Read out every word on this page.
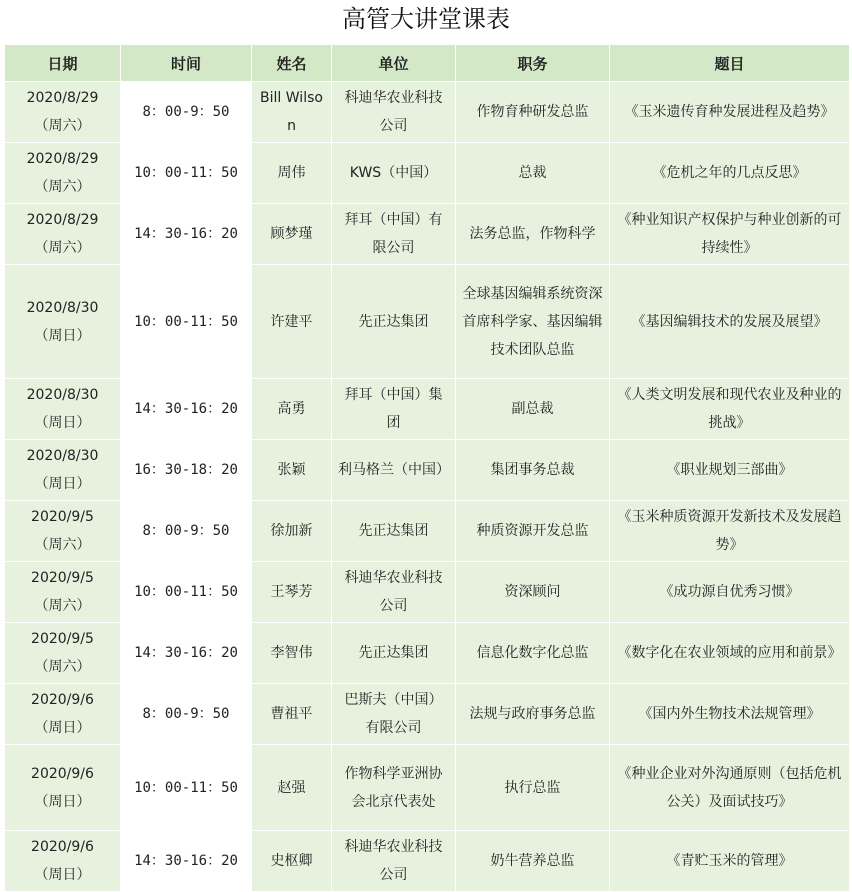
高管大讲堂课表
日期	时间	姓名	单位	职务	题目

2020/8/29
（周六）	8：00-9：50	Bill Wilson	科迪华农业科技公司	作物育种研发总监	《玉米遗传育种发展进程及趋势》

2020/8/29
（周六）	10：00-11：50	周伟	KWS（中国）	总裁	《危机之年的几点反思》

2020/8/29
（周六）	14：30-16：20	顾梦瑾	拜耳（中国）有限公司	法务总监，作物科学	《种业知识产权保护与种业创新的可持续性》

2020/8/30
（周日）	10：00-11：50	许建平	先正达集团	全球基因编辑系统资深首席科学家、基因编辑技术团队总监	《基因编辑技术的发展及展望》

2020/8/30
（周日）	14：30-16：20	高勇	拜耳（中国）集团	副总裁	《人类文明发展和现代农业及种业的挑战》

2020/8/30
（周日）	16：30-18：20	张颖	利马格兰（中国）	集团事务总裁	《职业规划三部曲》

2020/9/5
（周六）	8：00-9：50	徐加新	先正达集团	种质资源开发总监	《玉米种质资源开发新技术及发展趋势》

2020/9/5
（周六）	10：00-11：50	王琴芳	科迪华农业科技公司	资深顾问	《成功源自优秀习惯》

2020/9/5
（周六）	14：30-16：20	李智伟	先正达集团	信息化数字化总监	《数字化在农业领域的应用和前景》

2020/9/6
（周日）	8：00-9：50	曹祖平	巴斯夫（中国）有限公司	法规与政府事务总监	《国内外生物技术法规管理》

2020/9/6
（周日）	10：00-11：50	赵强	作物科学亚洲协会北京代表处	执行总监	《种业企业对外沟通原则（包括危机公关）及面试技巧》

2020/9/6
（周日）	14：30-16：20	史枢卿	科迪华农业科技公司	奶牛营养总监	《青贮玉米的管理》
